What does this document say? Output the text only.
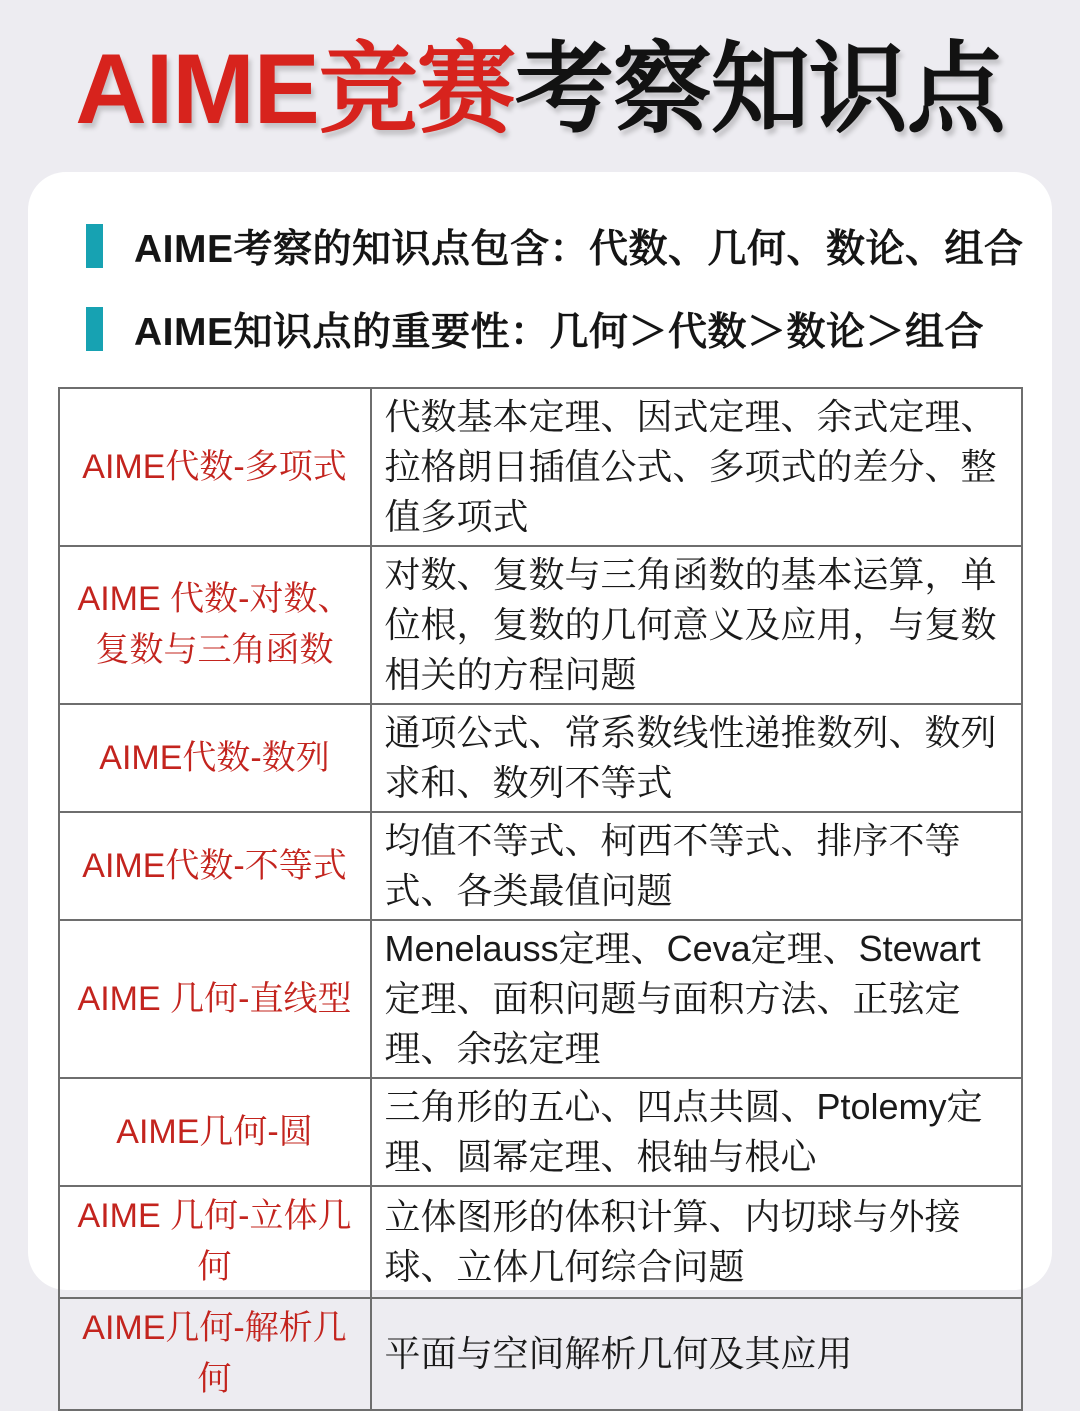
AIME竞赛考察知识点
AIME考察的知识点包含：代数、几何、数论、组合
AIME知识点的重要性：几何＞代数＞数论＞组合
AIME代数-多项式	代数基本定理、因式定理、余式定理、拉格朗日插值公式、多项式的差分、整值多项式
AIME 代数-对数、复数与三角函数	对数、复数与三角函数的基本运算，单位根，复数的几何意义及应用，与复数相关的方程问题
AIME代数-数列	通项公式、常系数线性递推数列、数列求和、数列不等式
AIME代数-不等式	均值不等式、柯西不等式、排序不等式、各类最值问题
AIME 几何-直线型	Menelauss定理、Ceva定理、Stewart定理、面积问题与面积方法、正弦定理、余弦定理
AIME几何-圆	三角形的五心、四点共圆、Ptolemy定理、圆幂定理、根轴与根心
AIME 几何-立体几何	立体图形的体积计算、内切球与外接球、立体几何综合问题
AIME几何-解析几何	平面与空间解析几何及其应用
